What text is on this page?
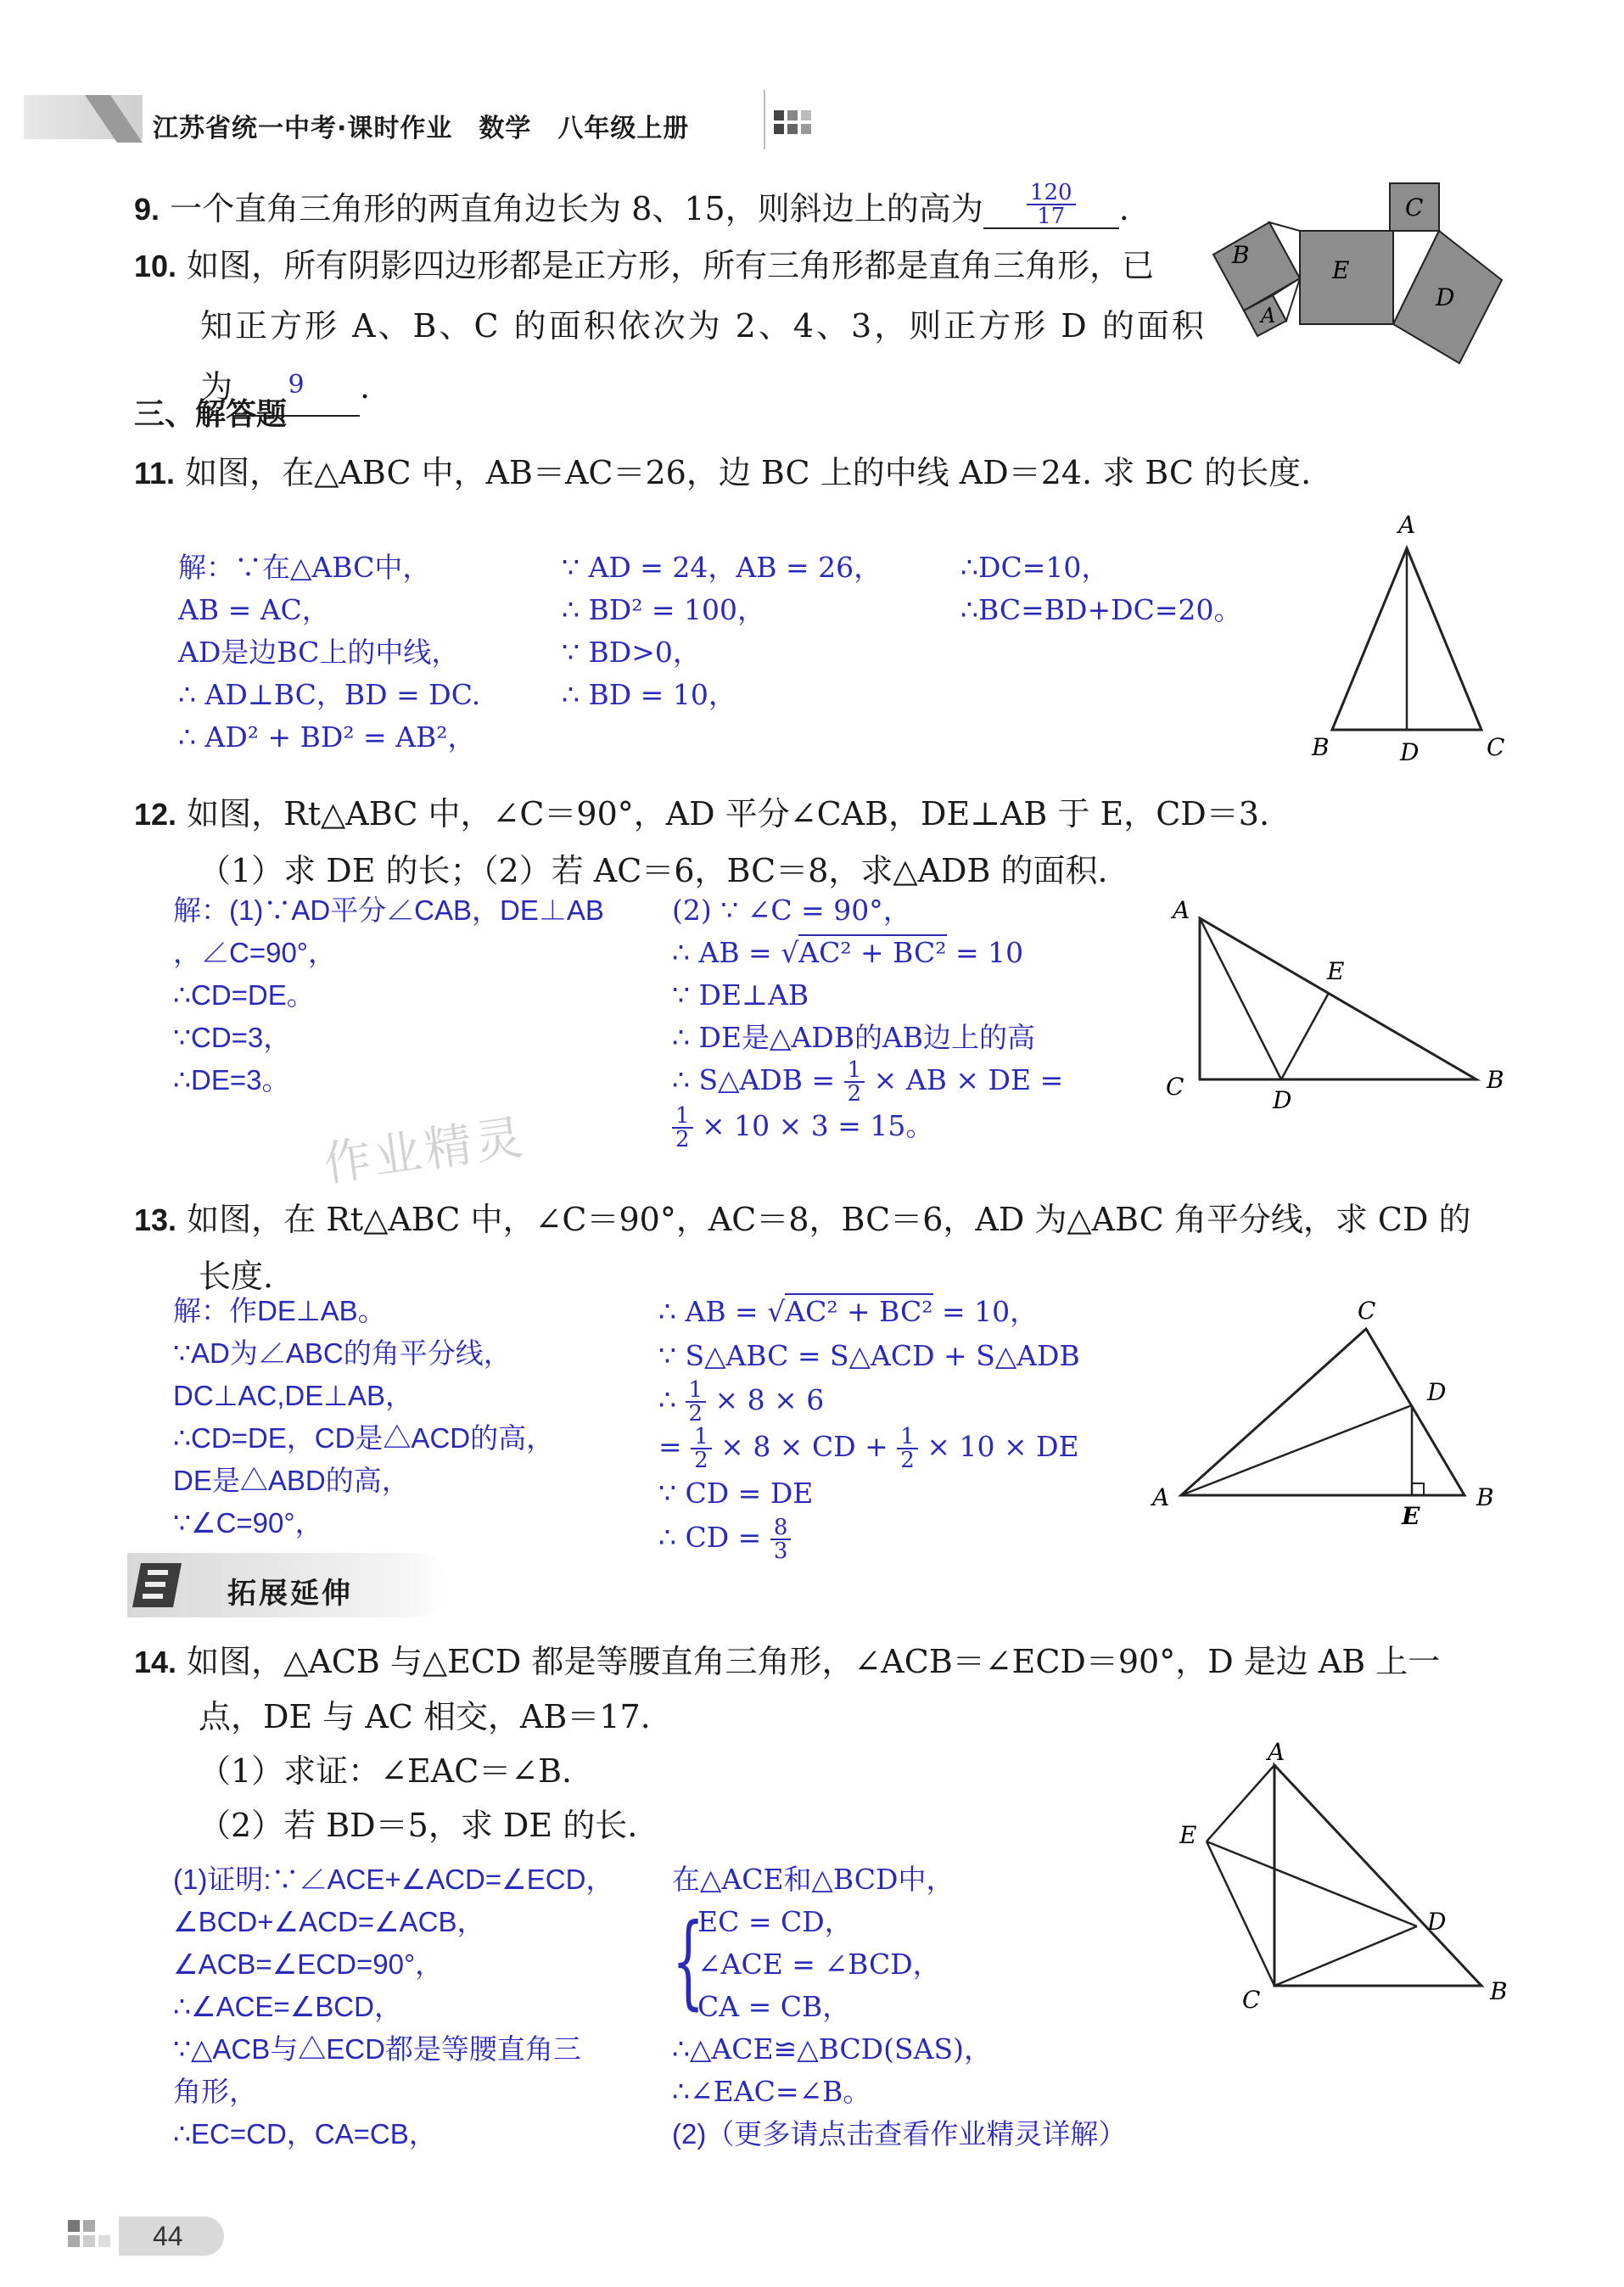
江苏省统一中考·课时作业　数学　八年级上册
9. 一个直角三角形的两直角边长为 8、15，则斜边上的高为 $\frac{120}{17}$ .
10. 如图，所有阴影四边形都是正方形，所有三角形都是直角三角形，已
知正方形 A、B、C 的面积依次为 2、4、3，则正方形 D 的面积
为 9 .
B
A
E
C
D
三、解答题
11. 如图，在△ABC 中，AB＝AC＝26，边 BC 上的中线 AD＝24. 求 BC 的长度.
解：∵在△ABC中，
AB = AC，
AD是边BC上的中线，
∴ AD⊥BC，BD = DC.
∴ AD² + BD² = AB²，
∵ AD = 24，AB = 26，
∴ BD² = 100，
∵ BD>0，
∴ BD = 10，
∴DC=10，
∴BC=BD+DC=20。
A
B	D	C
12. 如图，Rt△ABC 中，∠C＝90°，AD 平分∠CAB，DE⊥AB 于 E，CD＝3.
（1）求 DE 的长；（2）若 AC＝6，BC＝8，求△ADB 的面积.
解：(1)∵AD平分∠CAB，DE⊥AB
，∠C=90°，
∴CD=DE。
∵CD=3，
∴DE=3。
(2) ∵ ∠C = 90°，
∴ AB = √AC² + BC² = 10
∵ DE⊥AB
∴ DE是△ADB的AB边上的高
∴ S△ADB = $\frac{1}{2}$ × AB × DE =
$\frac{1}{2} \times 10 \times 3 = 15$。
A
E
C	D
B
作业精灵
13. 如图，在 Rt△ABC 中，∠C＝90°，AC＝8，BC＝6，AD 为△ABC 角平分线，求 CD 的
长度.
解：作DE⊥AB。
∵AD为∠ABC的角平分线，
DC⊥AC,DE⊥AB，
∴CD=DE，CD是△ACD的高，
DE是△ABD的高，
∵∠C=90°，
∴ AB = √AC² + BC² = 10，
∵ S△ABC = S△ACD + S△ADB
∴ $\frac{1}{2} \times 8 \times 6$
= $\frac{1}{2} \times 8$ × CD + $\frac{1}{2} \times 10$ × DE
∵ CD = DE
∴ CD = $\frac{8}{3}$
C
D
A
E
B
拓展延伸
14. 如图，△ACB 与△ECD 都是等腰直角三角形，∠ACB＝∠ECD＝90°，D 是边 AB 上一
点，DE 与 AC 相交，AB＝17.
（1）求证：∠EAC＝∠B.
（2）若 BD＝5，求 DE 的长.
(1)证明:∵∠ACE+∠ACD=∠ECD，
∠BCD+∠ACD=∠ACB，
∠ACB=∠ECD=90°，
∴∠ACE=∠BCD，
∵△ACB与△ECD都是等腰直角三
角形，
∴EC=CD，CA=CB，
在△ACE和△BCD中，
{
EC = CD，
∠ACE = ∠BCD，
CA = CB，
∴△ACE≌△BCD(SAS)，
∴∠EAC=∠B。
(2)（更多请点击查看作业精灵详解）
A
E
D
C	B
44
